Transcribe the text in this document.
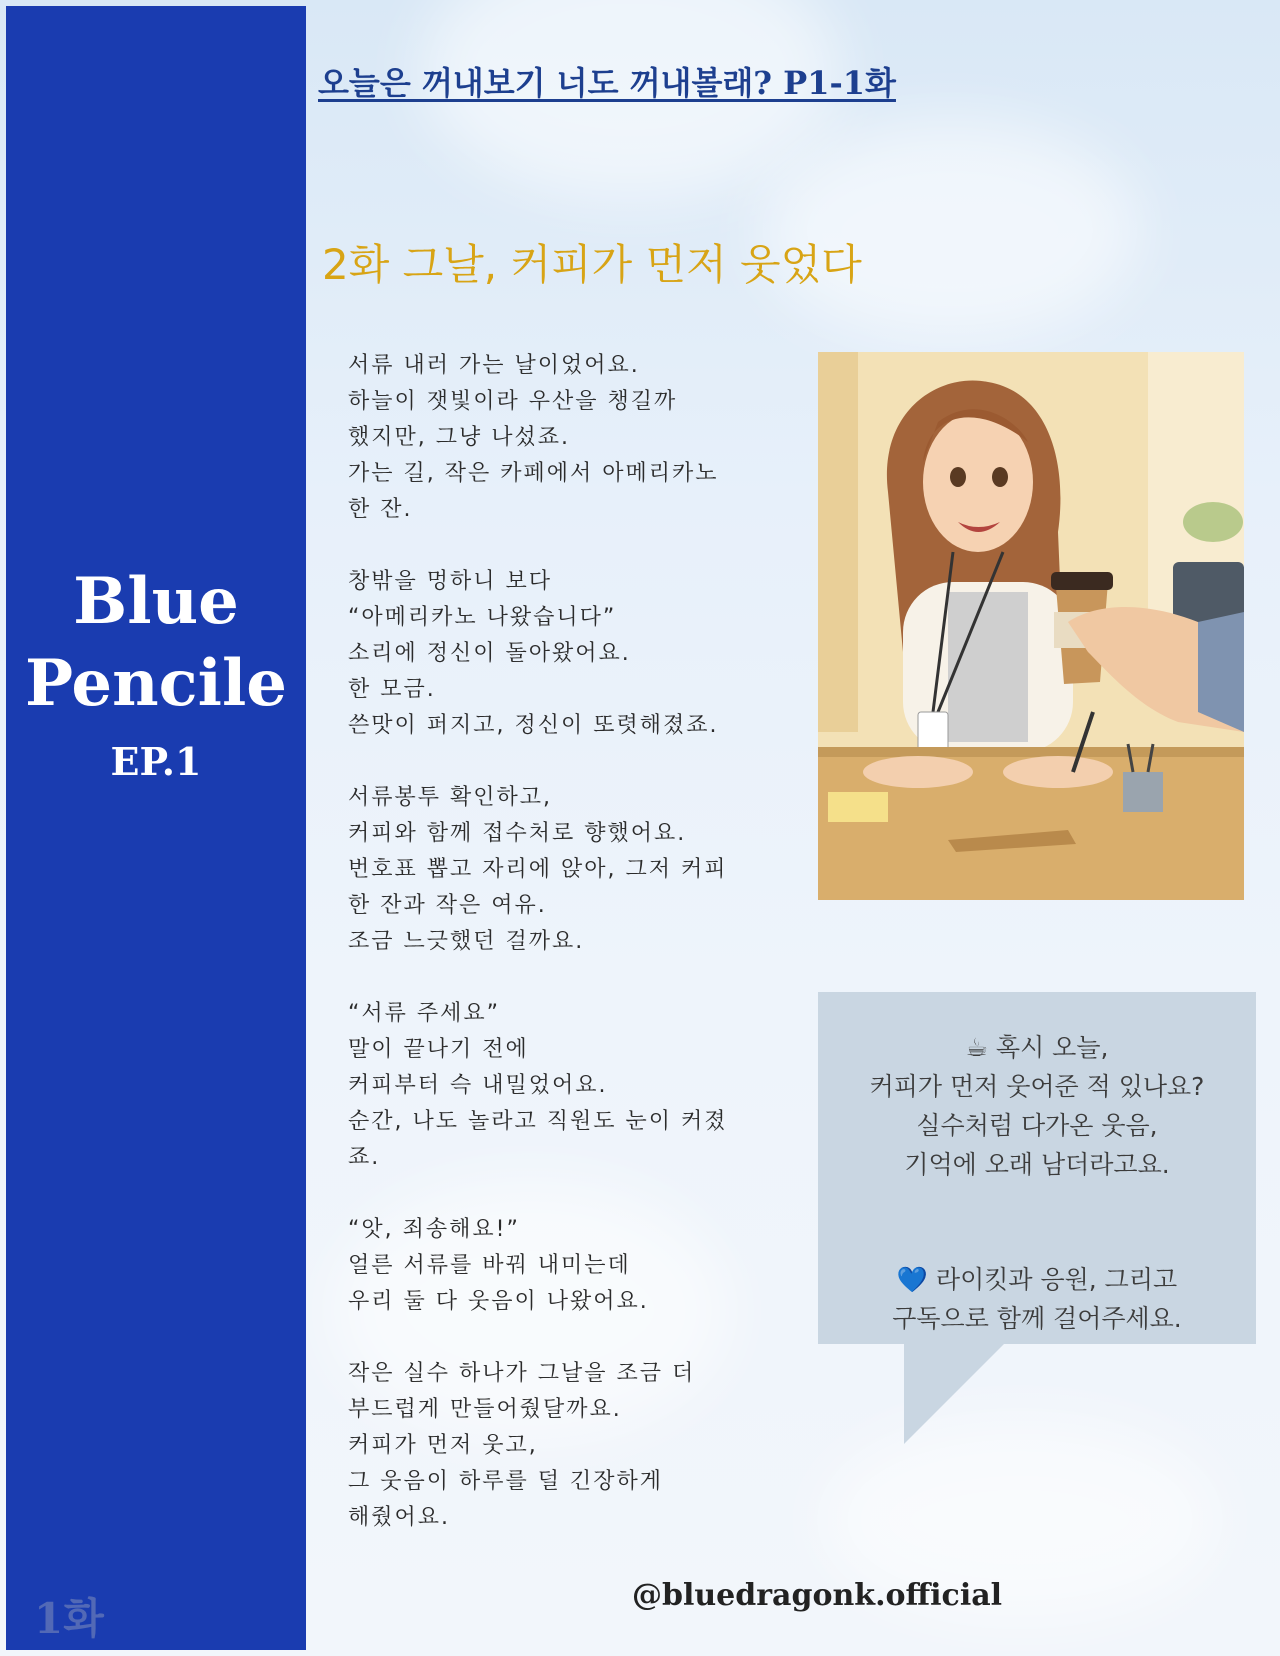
Blue
Pencile
EP.1
1화
오늘은 꺼내보기 너도 꺼내볼래? P1-1화
2화 그날, 커피가 먼저 웃었다
서류 내러 가는 날이었어요.
하늘이 잿빛이라 우산을 챙길까
했지만, 그냥 나섰죠.
가는 길, 작은 카페에서 아메리카노
한 잔.
창밖을 멍하니 보다
“아메리카노 나왔습니다”
소리에 정신이 돌아왔어요.
한 모금.
쓴맛이 퍼지고, 정신이 또렷해졌죠.
서류봉투 확인하고,
커피와 함께 접수처로 향했어요.
번호표 뽑고 자리에 앉아, 그저 커피
한 잔과 작은 여유.
조금 느긋했던 걸까요.
“서류 주세요”
말이 끝나기 전에
커피부터 슥 내밀었어요.
순간, 나도 놀라고 직원도 눈이 커졌
죠.
“앗, 죄송해요!”
얼른 서류를 바꿔 내미는데
우리 둘 다 웃음이 나왔어요.
작은 실수 하나가 그날을 조금 더
부드럽게 만들어줬달까요.
커피가 먼저 웃고,
그 웃음이 하루를 덜 긴장하게
해줬어요.
☕ 혹시 오늘,
커피가 먼저 웃어준 적 있나요?
실수처럼 다가온 웃음,
기억에 오래 남더라고요.
💙 라이킷과 응원, 그리고
구독으로 함께 걸어주세요.
@bluedragonk.official
